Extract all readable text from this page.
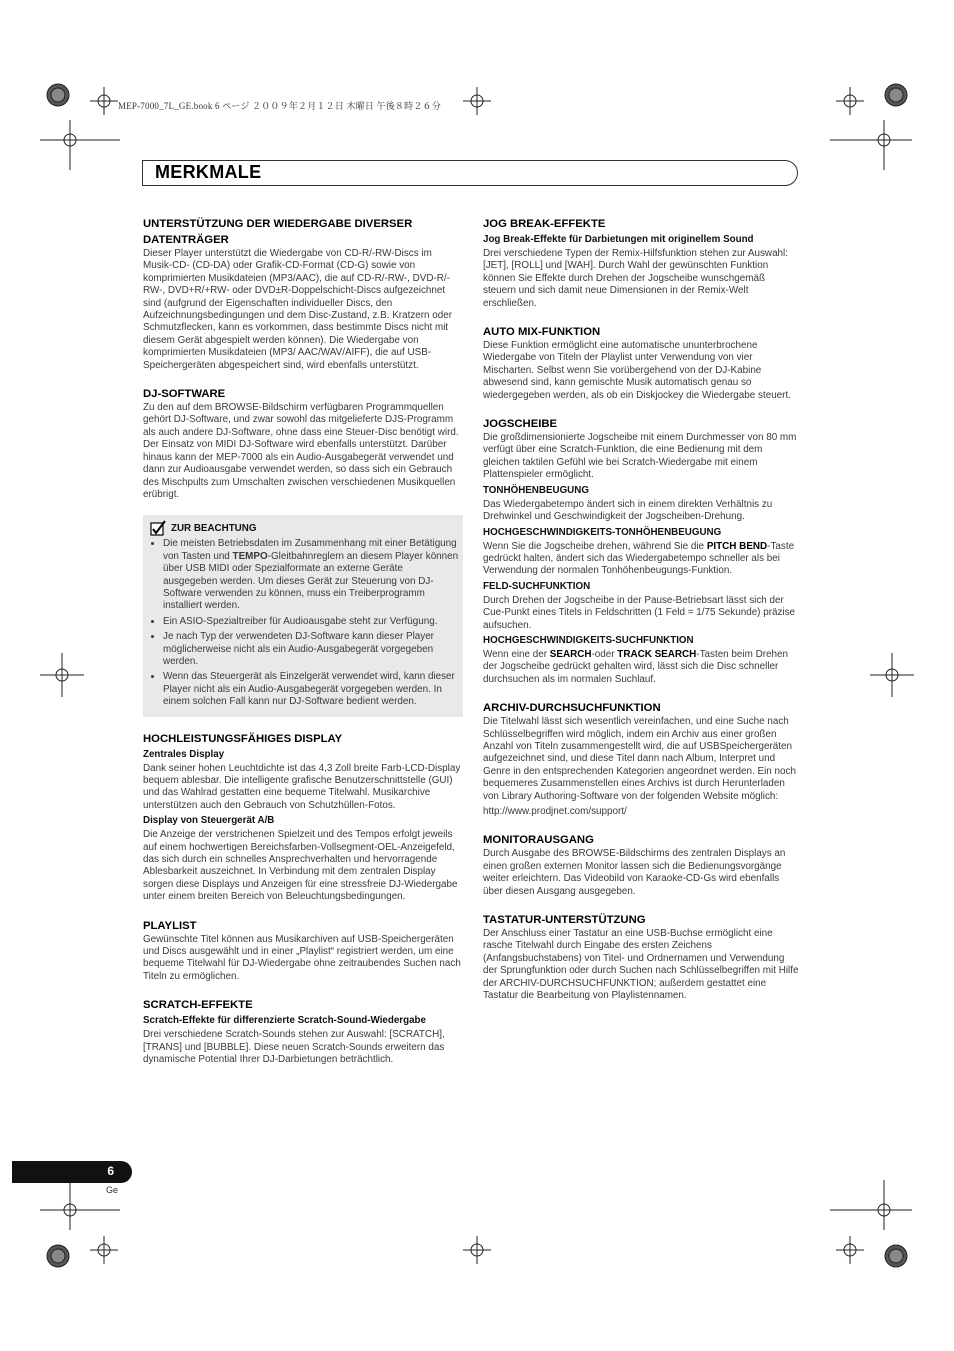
MEP-7000_7L_GE.book 6 ページ ２００９年２月１２日 木曜日 午後８時２６分
MERKMALE
UNTERSTÜTZUNG DER WIEDERGABE DIVERSER DATENTRÄGER

Dieser Player unterstützt die Wiedergabe von CD-R/-RW-Discs im Musik-CD- (CD-DA) oder Grafik-CD-Format (CD-G) sowie von komprimierten Musikdateien (MP3/AAC), die auf CD-R/-RW-, DVD-R/-RW-, DVD+R/+RW- oder DVD±R-Doppelschicht-Discs aufgezeichnet sind (aufgrund der Eigenschaften individueller Discs, den Aufzeichnungsbedingungen und dem Disc-Zustand, z.B. Kratzern oder Schmutzflecken, kann es vorkommen, dass bestimmte Discs nicht mit diesem Gerät abgespielt werden können). Die Wiedergabe von komprimierten Musikdateien (MP3/ AAC/WAV/AIFF), die auf USB-Speichergeräten abgespeichert sind, wird ebenfalls unterstützt.

DJ-SOFTWARE

Zu den auf dem BROWSE-Bildschirm verfügbaren Programmquellen gehört DJ-Software, und zwar sowohl das mitgelieferte DJS-Programm als auch andere DJ-Software, ohne dass eine Steuer-Disc benötigt wird. Der Einsatz von MIDI DJ-Software wird ebenfalls unterstützt. Darüber hinaus kann der MEP-7000 als ein Audio-Ausgabegerät verwendet und dann zur Audioausgabe verwendet werden, so dass sich ein Gebrauch des Mischpults zum Umschalten zwischen verschiedenen Musikquellen erübrigt.

ZUR BEACHTUNG
• Die meisten Betriebsdaten im Zusammenhang mit einer Betätigung von Tasten und TEMPO-Gleitbahnreglern an diesem Player können über USB MIDI oder Spezialformate an externe Geräte ausgegeben werden. Um dieses Gerät zur Steuerung von DJ-Software verwenden zu können, muss ein Treiberprogramm installiert werden.
• Ein ASIO-Spezialtreiber für Audioausgabe steht zur Verfügung.
• Je nach Typ der verwendeten DJ-Software kann dieser Player möglicherweise nicht als ein Audio-Ausgabegerät vorgegeben werden.
• Wenn das Steuergerät als Einzelgerät verwendet wird, kann dieser Player nicht als ein Audio-Ausgabegerät vorgegeben werden. In einem solchen Fall kann nur DJ-Software bedient werden.
HOCHLEISTUNGSFÄHIGES DISPLAY
Zentrales Display

Dank seiner hohen Leuchtdichte ist das 4,3 Zoll breite Farb-LCD-Display bequem ablesbar. Die intelligente grafische Benutzerschnittstelle (GUI) und das Wahlrad gestatten eine bequeme Titelwahl. Musikarchive unterstützen auch den Gebrauch von Schutzhüllen-Fotos.

Display von Steuergerät A/B

Die Anzeige der verstrichenen Spielzeit und des Tempos erfolgt jeweils auf einem hochwertigen Bereichsfarben-Vollsegment-OEL-Anzeigefeld, das sich durch ein schnelles Ansprechverhalten und hervorragende Ablesbarkeit auszeichnet. In Verbindung mit dem zentralen Display sorgen diese Displays und Anzeigen für eine stressfreie DJ-Wiedergabe unter einem breiten Bereich von Beleuchtungsbedingungen.

PLAYLIST

Gewünschte Titel können aus Musikarchiven auf USB-Speichergeräten und Discs ausgewählt und in einer „Playlist“ registriert werden, um eine bequeme Titelwahl für DJ-Wiedergabe ohne zeitraubendes Suchen nach Titeln zu ermöglichen.

SCRATCH-EFFEKTE
Scratch-Effekte für differenzierte Scratch-Sound-Wiedergabe

Drei verschiedene Scratch-Sounds stehen zur Auswahl: [SCRATCH], [TRANS] und [BUBBLE]. Diese neuen Scratch-Sounds erweitern das dynamische Potential Ihrer DJ-Darbietungen beträchtlich.

JOG BREAK-EFFEKTE
Jog Break-Effekte für Darbietungen mit originellem Sound

Drei verschiedene Typen der Remix-Hilfsfunktion stehen zur Auswahl: [JET], [ROLL] und [WAH]. Durch Wahl der gewünschten Funktion können Sie Effekte durch Drehen der Jogscheibe wunschgemäß steuern und sich damit neue Dimensionen in der Remix-Welt erschließen.

AUTO MIX-FUNKTION

Diese Funktion ermöglicht eine automatische ununterbrochene Wiedergabe von Titeln der Playlist unter Verwendung von vier Mischarten. Selbst wenn Sie vorübergehend von der DJ-Kabine abwesend sind, kann gemischte Musik automatisch genau so wiedergegeben werden, als ob ein Diskjockey die Wiedergabe steuert.

JOGSCHEIBE

Die großdimensionierte Jogscheibe mit einem Durchmesser von 80 mm verfügt über eine Scratch-Funktion, die eine Bedienung mit dem gleichen taktilen Gefühl wie bei Scratch-Wiedergabe mit einem Plattenspieler ermöglicht.

TONHÖHENBEUGUNG

Das Wiedergabetempo ändert sich in einem direkten Verhältnis zu Drehwinkel und Geschwindigkeit der Jogscheiben-Drehung.

HOCHGESCHWINDIGKEITS-TONHÖHENBEUGUNG

Wenn Sie die Jogscheibe drehen, während Sie die PITCH BEND-Taste gedrückt halten, ändert sich das Wiedergabetempo schneller als bei Verwendung der normalen Tonhöhenbeugungs-Funktion.

FELD-SUCHFUNKTION

Durch Drehen der Jogscheibe in der Pause-Betriebsart lässt sich der Cue-Punkt eines Titels in Feldschritten (1 Feld = 1/75 Sekunde) präzise aufsuchen.

HOCHGESCHWINDIGKEITS-SUCHFUNKTION

Wenn eine der SEARCH-oder TRACK SEARCH-Tasten beim Drehen der Jogscheibe gedrückt gehalten wird, lässt sich die Disc schneller durchsuchen als im normalen Suchlauf.

ARCHIV-DURCHSUCHFUNKTION

Die Titelwahl lässt sich wesentlich vereinfachen, und eine Suche nach Schlüsselbegriffen wird möglich, indem ein Archiv aus einer großen Anzahl von Titeln zusammengestellt wird, die auf USBSpeichergeräten aufgezeichnet sind, und diese Titel dann nach Album, Interpret und Genre in den entsprechenden Kategorien angeordnet werden. Ein noch bequemeres Zusammenstellen eines Archivs ist durch Herunterladen von Library Authoring-Software von der folgenden Website möglich:

http://www.prodjnet.com/support/

MONITORAUSGANG

Durch Ausgabe des BROWSE-Bildschirms des zentralen Displays an einen großen externen Monitor lassen sich die Bedienungsvorgänge weiter erleichtern. Das Videobild von Karaoke-CD-Gs wird ebenfalls über diesen Ausgang ausgegeben.

TASTATUR-UNTERSTÜTZUNG

Der Anschluss einer Tastatur an eine USB-Buchse ermöglicht eine rasche Titelwahl durch Eingabe des ersten Zeichens (Anfangsbuchstabens) von Titel- und Ordnernamen und Verwendung der Sprungfunktion oder durch Suchen nach Schlüsselbegriffen mit Hilfe der ARCHIV-DURCHSUCHFUNKTION; außerdem gestattet eine Tastatur die Bearbeitung von Playlistennamen.

6
Ge
